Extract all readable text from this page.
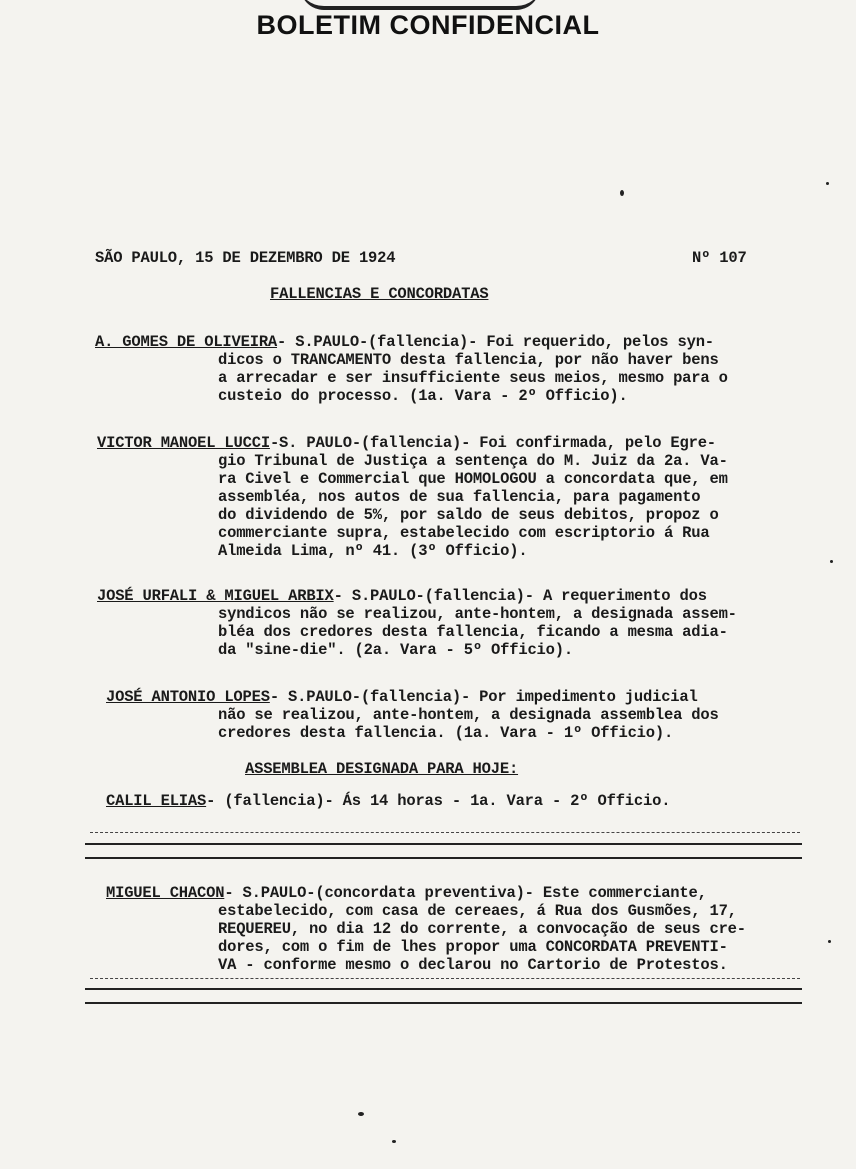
BOLETIM CONFIDENCIAL
SÃO PAULO, 15 DE DEZEMBRO DE 1924	Nº 107
FALLENCIAS E CONCORDATAS
A. GOMES DE OLIVEIRA- S.PAULO-(fallencia)- Foi requerido, pelos syn-
dicos o TRANCAMENTO desta fallencia, por não haver bens
a arrecadar e ser insufficiente seus meios, mesmo para o
custeio do processo. (1a. Vara - 2º Officio).
VICTOR MANOEL LUCCI-S. PAULO-(fallencia)- Foi confirmada, pelo Egre-
gio Tribunal de Justiça a sentença do M. Juiz da 2a. Va-
ra Civel e Commercial que HOMOLOGOU a concordata que, em
assembléa, nos autos de sua fallencia, para pagamento
do dividendo de 5%, por saldo de seus debitos, propoz o
commerciante supra, estabelecido com escriptorio á Rua
Almeida Lima, nº 41. (3º Officio).
JOSÉ URFALI & MIGUEL ARBIX- S.PAULO-(fallencia)- A requerimento dos
syndicos não se realizou, ante-hontem, a designada assem-
bléa dos credores desta fallencia, ficando a mesma adia-
da "sine-die". (2a. Vara - 5º Officio).
JOSÉ ANTONIO LOPES- S.PAULO-(fallencia)- Por impedimento judicial
não se realizou, ante-hontem, a designada assemblea dos
credores desta fallencia. (1a. Vara - 1º Officio).
ASSEMBLEA DESIGNADA PARA HOJE:
CALIL ELIAS- (fallencia)- Ás 14 horas - 1a. Vara - 2º Officio.
MIGUEL CHACON- S.PAULO-(concordata preventiva)- Este commerciante,
estabelecido, com casa de cereaes, á Rua dos Gusmões, 17,
REQUEREU, no dia 12 do corrente, a convocação de seus cre-
dores, com o fim de lhes propor uma CONCORDATA PREVENTI-
VA - conforme mesmo o declarou no Cartorio de Protestos.
